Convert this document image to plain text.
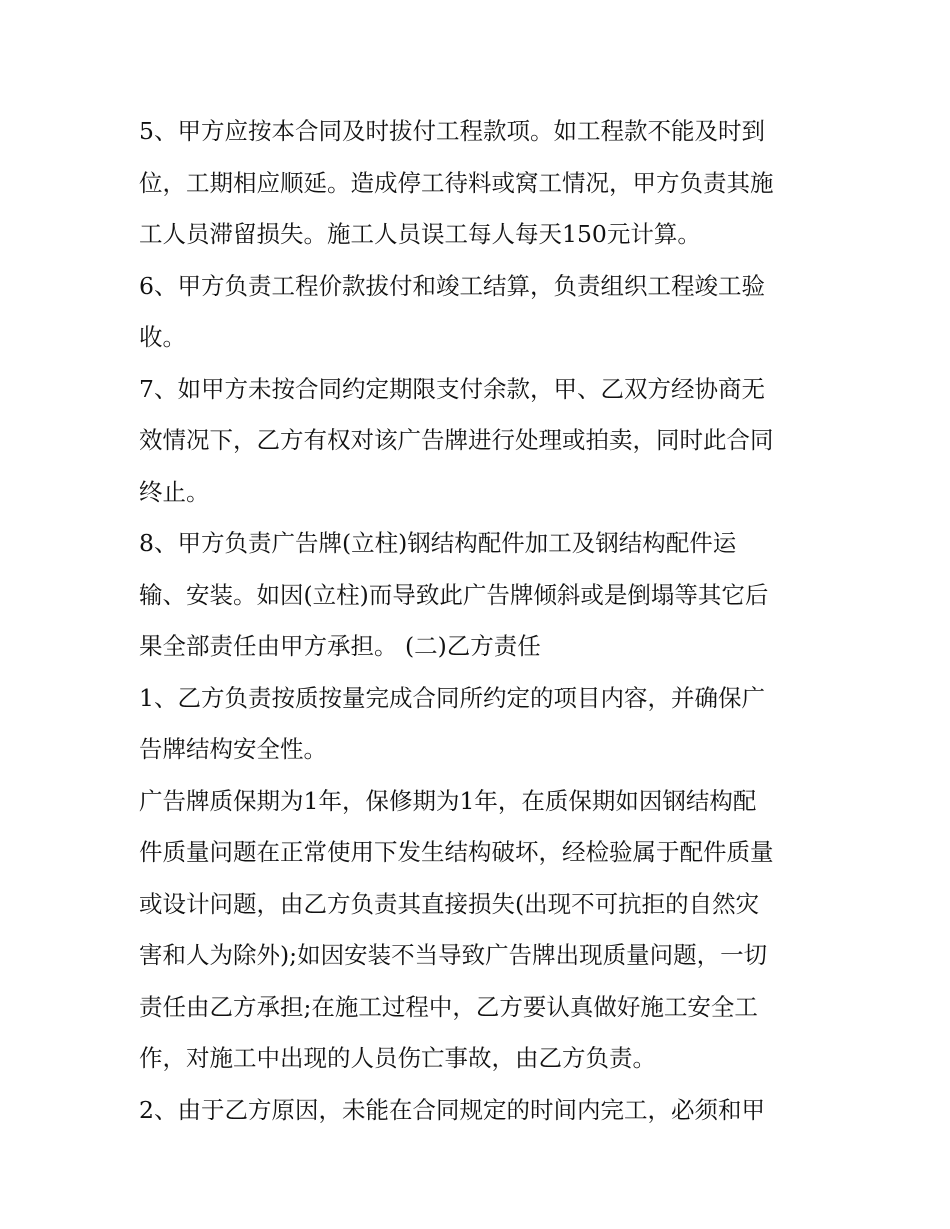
5、甲方应按本合同及时拔付工程款项。如工程款不能及时到
位，工期相应顺延。造成停工待料或窝工情况，甲方负责其施
工人员滞留损失。施工人员误工每人每天150元计算。
6、甲方负责工程价款拔付和竣工结算，负责组织工程竣工验
收。
7、如甲方未按合同约定期限支付余款，甲、乙双方经协商无
效情况下，乙方有权对该广告牌进行处理或拍卖，同时此合同
终止。
8、甲方负责广告牌(立柱)钢结构配件加工及钢结构配件运
输、安装。如因(立柱)而导致此广告牌倾斜或是倒塌等其它后
果全部责任由甲方承担。 (二)乙方责任
1、乙方负责按质按量完成合同所约定的项目内容，并确保广
告牌结构安全性。
广告牌质保期为1年，保修期为1年，在质保期如因钢结构配
件质量问题在正常使用下发生结构破坏，经检验属于配件质量
或设计问题，由乙方负责其直接损失(出现不可抗拒的自然灾
害和人为除外);如因安装不当导致广告牌出现质量问题，一切
责任由乙方承担;在施工过程中，乙方要认真做好施工安全工
作，对施工中出现的人员伤亡事故，由乙方负责。
2、由于乙方原因，未能在合同规定的时间内完工，必须和甲
